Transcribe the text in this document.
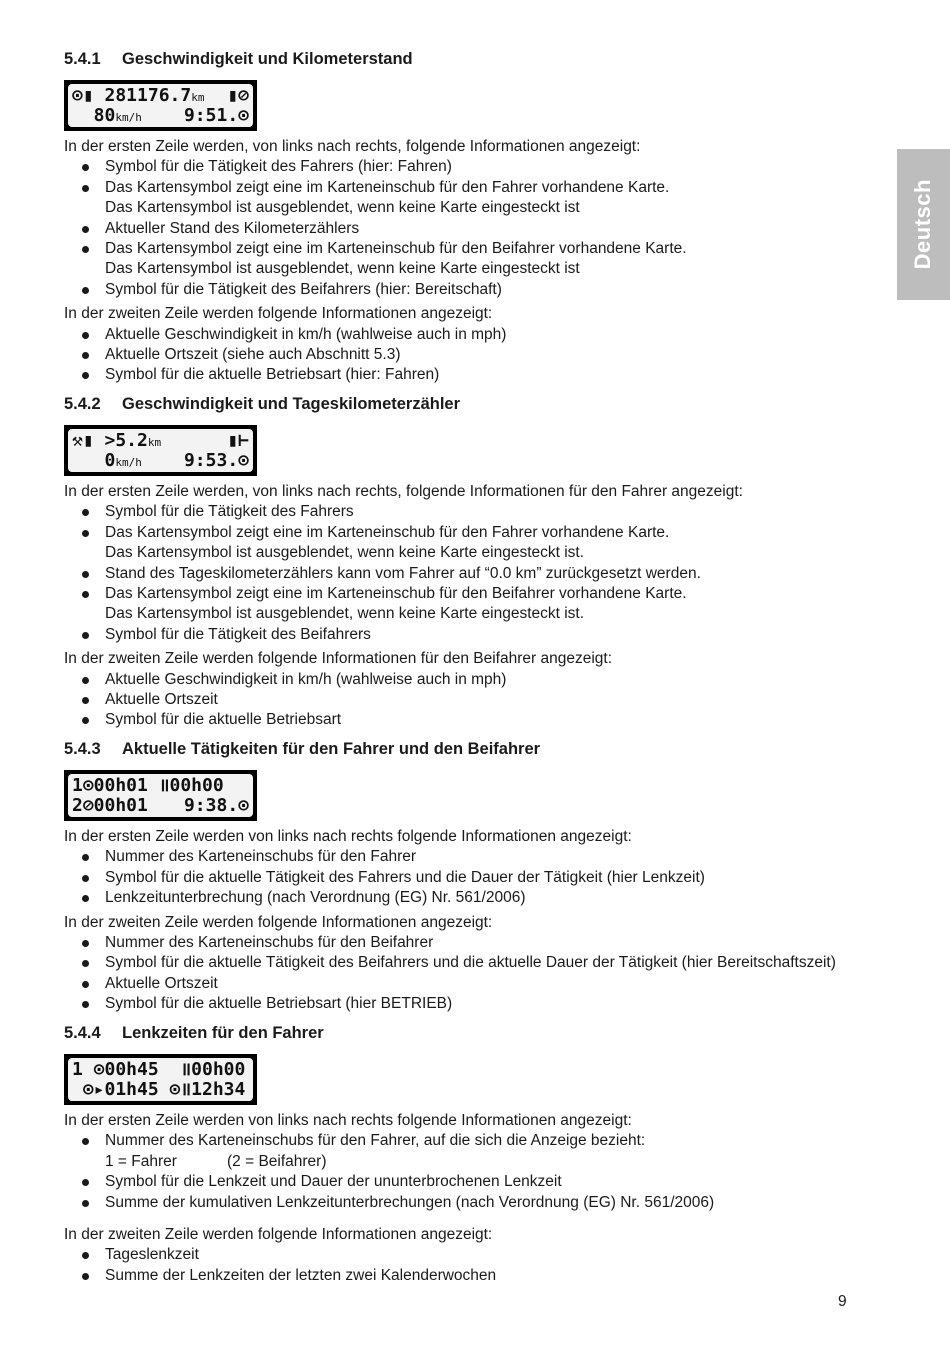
Deutsch
5.4.1 Geschwindigkeit und Kilometerstand
⊙▮ 281176.7km ▮⊘
80km/h 9:51.⊙

In der ersten Zeile werden, von links nach rechts, folgende Informationen angezeigt:

Symbol für die Tätigkeit des Fahrers (hier: Fahren)
Das Kartensymbol zeigt eine im Karteneinschub für den Fahrer vorhandene Karte.
Das Kartensymbol ist ausgeblendet, wenn keine Karte eingesteckt ist
Aktueller Stand des Kilometerzählers
Das Kartensymbol zeigt eine im Karteneinschub für den Beifahrer vorhandene Karte.
Das Kartensymbol ist ausgeblendet, wenn keine Karte eingesteckt ist
Symbol für die Tätigkeit des Beifahrers (hier: Bereitschaft)

In der zweiten Zeile werden folgende Informationen angezeigt:

Aktuelle Geschwindigkeit in km/h (wahlweise auch in mph)
Aktuelle Ortszeit (siehe auch Abschnitt 5.3)
Symbol für die aktuelle Betriebsart (hier: Fahren)
5.4.2 Geschwindigkeit und Tageskilometerzähler
⚒▮ >5.2km	▮⊢
0km/h 9:53.⊙

In der ersten Zeile werden, von links nach rechts, folgende Informationen für den Fahrer angezeigt:

Symbol für die Tätigkeit des Fahrers
Das Kartensymbol zeigt eine im Karteneinschub für den Fahrer vorhandene Karte.
Das Kartensymbol ist ausgeblendet, wenn keine Karte eingesteckt ist.
Stand des Tageskilometerzählers kann vom Fahrer auf “0.0 km” zurückgesetzt werden.
Das Kartensymbol zeigt eine im Karteneinschub für den Beifahrer vorhandene Karte.
Das Kartensymbol ist ausgeblendet, wenn keine Karte eingesteckt ist.
Symbol für die Tätigkeit des Beifahrers

In der zweiten Zeile werden folgende Informationen für den Beifahrer angezeigt:

Aktuelle Geschwindigkeit in km/h (wahlweise auch in mph)
Aktuelle Ortszeit
Symbol für die aktuelle Betriebsart
5.4.3 Aktuelle Tätigkeiten für den Fahrer und den Beifahrer
1⊙00h01 ॥00h00
2⊘00h01 9:38.⊙

In der ersten Zeile werden von links nach rechts folgende Informationen angezeigt:

Nummer des Karteneinschubs für den Fahrer
Symbol für die aktuelle Tätigkeit des Fahrers und die Dauer der Tätigkeit (hier Lenkzeit)
Lenkzeitunterbrechung (nach Verordnung (EG) Nr. 561/2006)

In der zweiten Zeile werden folgende Informationen angezeigt:

Nummer des Karteneinschubs für den Beifahrer
Symbol für die aktuelle Tätigkeit des Beifahrers und die aktuelle Dauer der Tätigkeit (hier Bereitschaftszeit)
Aktuelle Ortszeit
Symbol für die aktuelle Betriebsart (hier BETRIEB)
5.4.4 Lenkzeiten für den Fahrer
1 ⊙00h45  ॥00h00
⊙▸01h45 ⊙॥12h34

In der ersten Zeile werden von links nach rechts folgende Informationen angezeigt:

Nummer des Karteneinschubs für den Fahrer, auf die sich die Anzeige bezieht:
1 = Fahrer	(2 = Beifahrer)
Symbol für die Lenkzeit und Dauer der ununterbrochenen Lenkzeit
Summe der kumulativen Lenkzeitunterbrechungen (nach Verordnung (EG) Nr. 561/2006)

In der zweiten Zeile werden folgende Informationen angezeigt:

Tageslenkzeit
Summe der Lenkzeiten der letzten zwei Kalenderwochen
9
